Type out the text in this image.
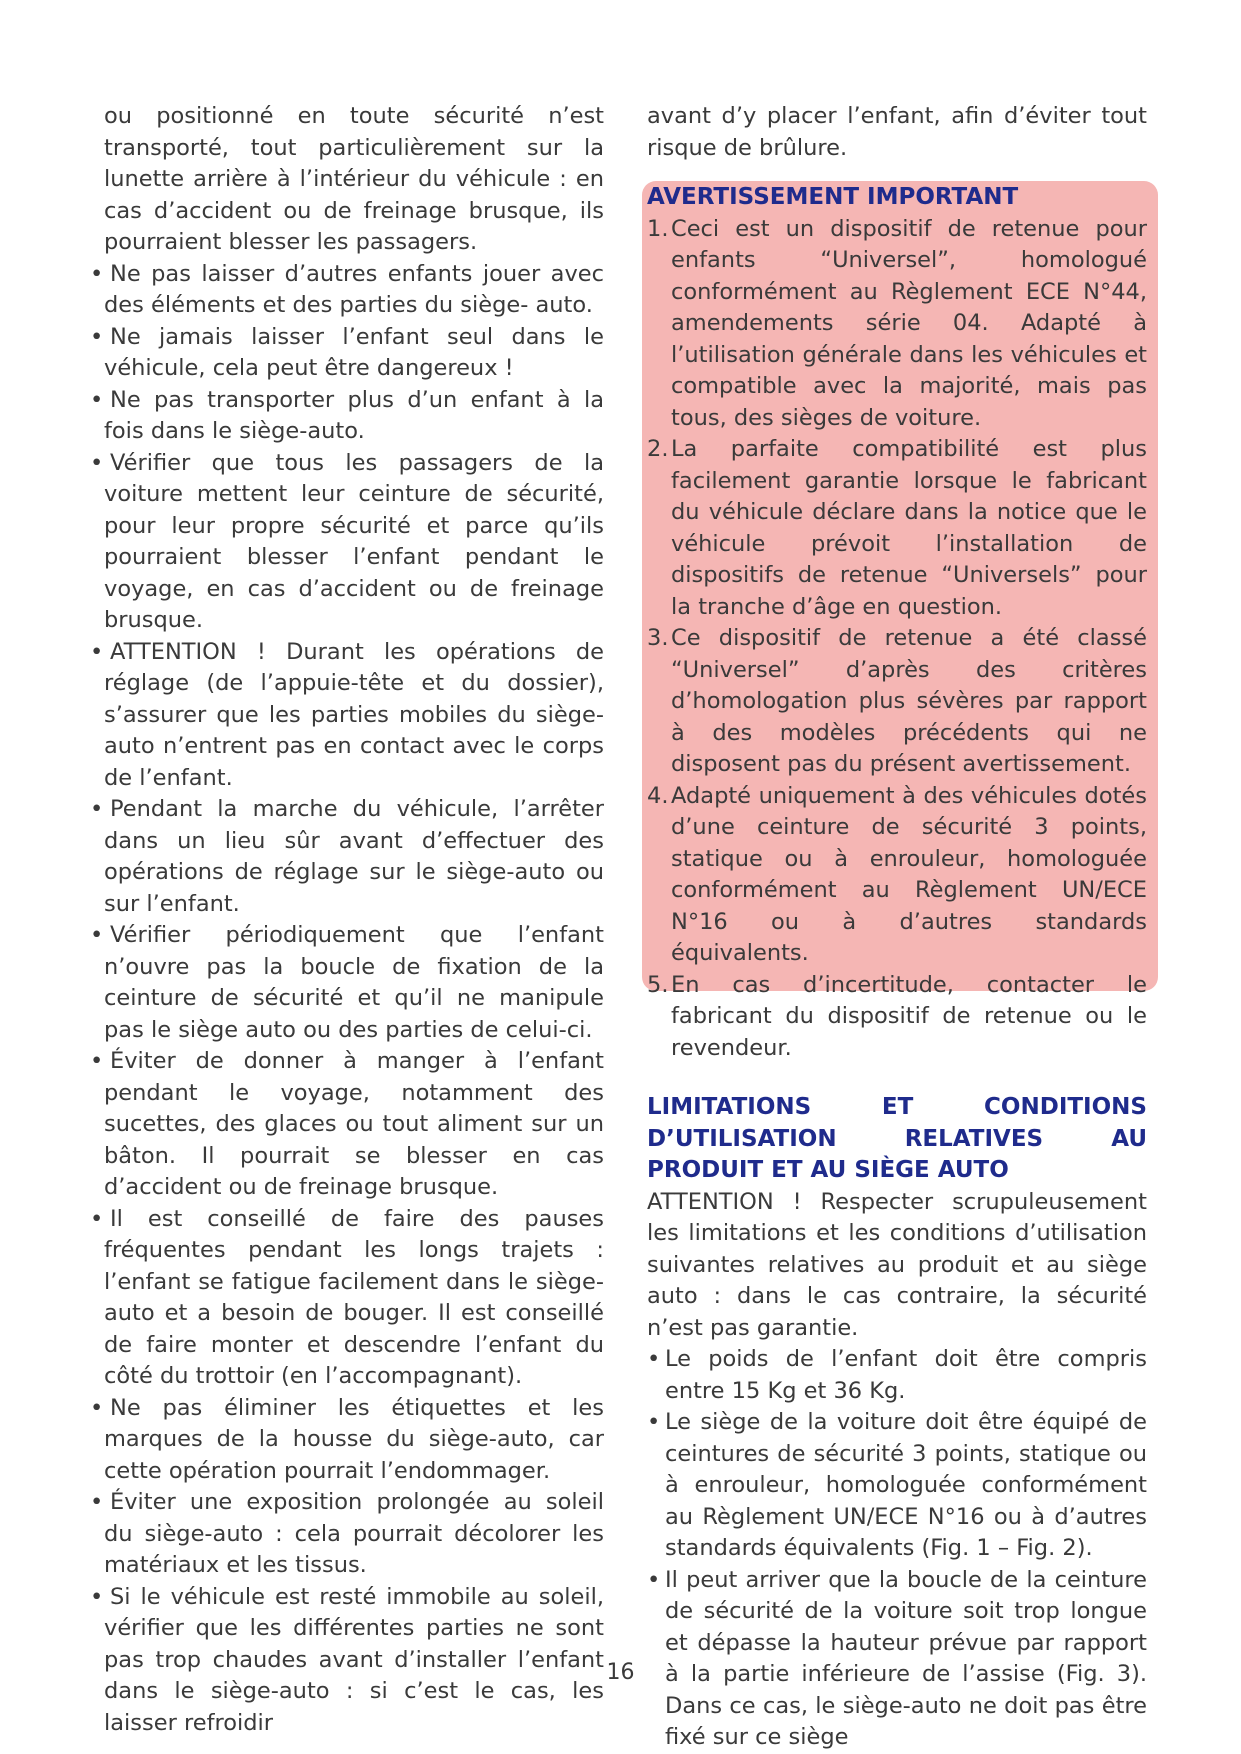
ou positionné en toute sécurité n’est transporté, tout particulièrement sur la lunette arrière à l’intérieur du véhicule : en cas d’accident ou de freinage brusque, ils pourraient blesser les passagers.

• Ne pas laisser d’autres enfants jouer avec des éléments et des parties du siège- auto.
• Ne jamais laisser l’enfant seul dans le véhicule, cela peut être dangereux !
• Ne pas transporter plus d’un enfant à la fois dans le siège-auto.
• Vérifier que tous les passagers de la voiture mettent leur ceinture de sécurité, pour leur propre sécurité et parce qu’ils pourraient blesser l’enfant pendant le voyage, en cas d’accident ou de freinage brusque.
• ATTENTION ! Durant les opérations de réglage (de l’appuie-tête et du dossier), s’assurer que les parties mobiles du siège-auto n’entrent pas en contact avec le corps de l’enfant.
• Pendant la marche du véhicule, l’arrêter dans un lieu sûr avant d’effectuer des opérations de réglage sur le siège-auto ou sur l’enfant.
• Vérifier périodiquement que l’enfant n’ouvre pas la boucle de fixation de la ceinture de sécurité et qu’il ne manipule pas le siège auto ou des parties de celui-ci.
• Éviter de donner à manger à l’enfant pendant le voyage, notamment des sucettes, des glaces ou tout aliment sur un bâton. Il pourrait se blesser en cas d’accident ou de freinage brusque.
• Il est conseillé de faire des pauses fréquentes pendant les longs trajets : l’enfant se fatigue facilement dans le siège-auto et a besoin de bouger. Il est conseillé de faire monter et descendre l’enfant du côté du trottoir (en l’accompagnant).
• Ne pas éliminer les étiquettes et les marques de la housse du siège-auto, car cette opération pourrait l’endommager.
• Éviter une exposition prolongée au soleil du siège-auto : cela pourrait décolorer les matériaux et les tissus.
• Si le véhicule est resté immobile au soleil, vérifier que les différentes parties ne sont pas trop chaudes avant d’installer l’enfant dans le siège-auto : si c’est le cas, les laisser refroidir

avant d’y placer l’enfant, afin d’éviter tout risque de brûlure.

AVERTISSEMENT IMPORTANT

1. Ceci est un dispositif de retenue pour enfants “Universel”, homologué conformément au Règlement ECE N°44, amendements série 04. Adapté à l’utilisation générale dans les véhicules et compatible avec la majorité, mais pas tous, des sièges de voiture.
2. La parfaite compatibilité est plus facilement garantie lorsque le fabricant du véhicule déclare dans la notice que le véhicule prévoit l’installation de dispositifs de retenue “Universels” pour la tranche d’âge en question.
3. Ce dispositif de retenue a été classé “Universel” d’après des critères d’homologation plus sévères par rapport à des modèles précédents qui ne disposent pas du présent avertissement.
4. Adapté uniquement à des véhicules dotés d’une ceinture de sécurité 3 points, statique ou à enrouleur, homologuée conformément au Règlement UN/ECE N°16 ou à d’autres standards équivalents.
5. En cas d’incertitude, contacter le fabricant du dispositif de retenue ou le revendeur.

LIMITATIONS ET CONDITIONS D’UTILISATION RELATIVES AU PRODUIT ET AU SIÈGE AUTO

ATTENTION ! Respecter scrupuleusement les limitations et les conditions d’utilisation suivantes relatives au produit et au siège auto : dans le cas contraire, la sécurité n’est pas garantie.

• Le poids de l’enfant doit être compris entre 15 Kg et 36 Kg.
• Le siège de la voiture doit être équipé de ceintures de sécurité 3 points, statique ou à enrouleur, homologuée conformément au Règlement UN/ECE N°16 ou à d’autres standards équivalents (Fig. 1 – Fig. 2).
• Il peut arriver que la boucle de la ceinture de sécurité de la voiture soit trop longue et dépasse la hauteur prévue par rapport à la partie inférieure de l’assise (Fig. 3). Dans ce cas, le siège-auto ne doit pas être fixé sur ce siège
16
